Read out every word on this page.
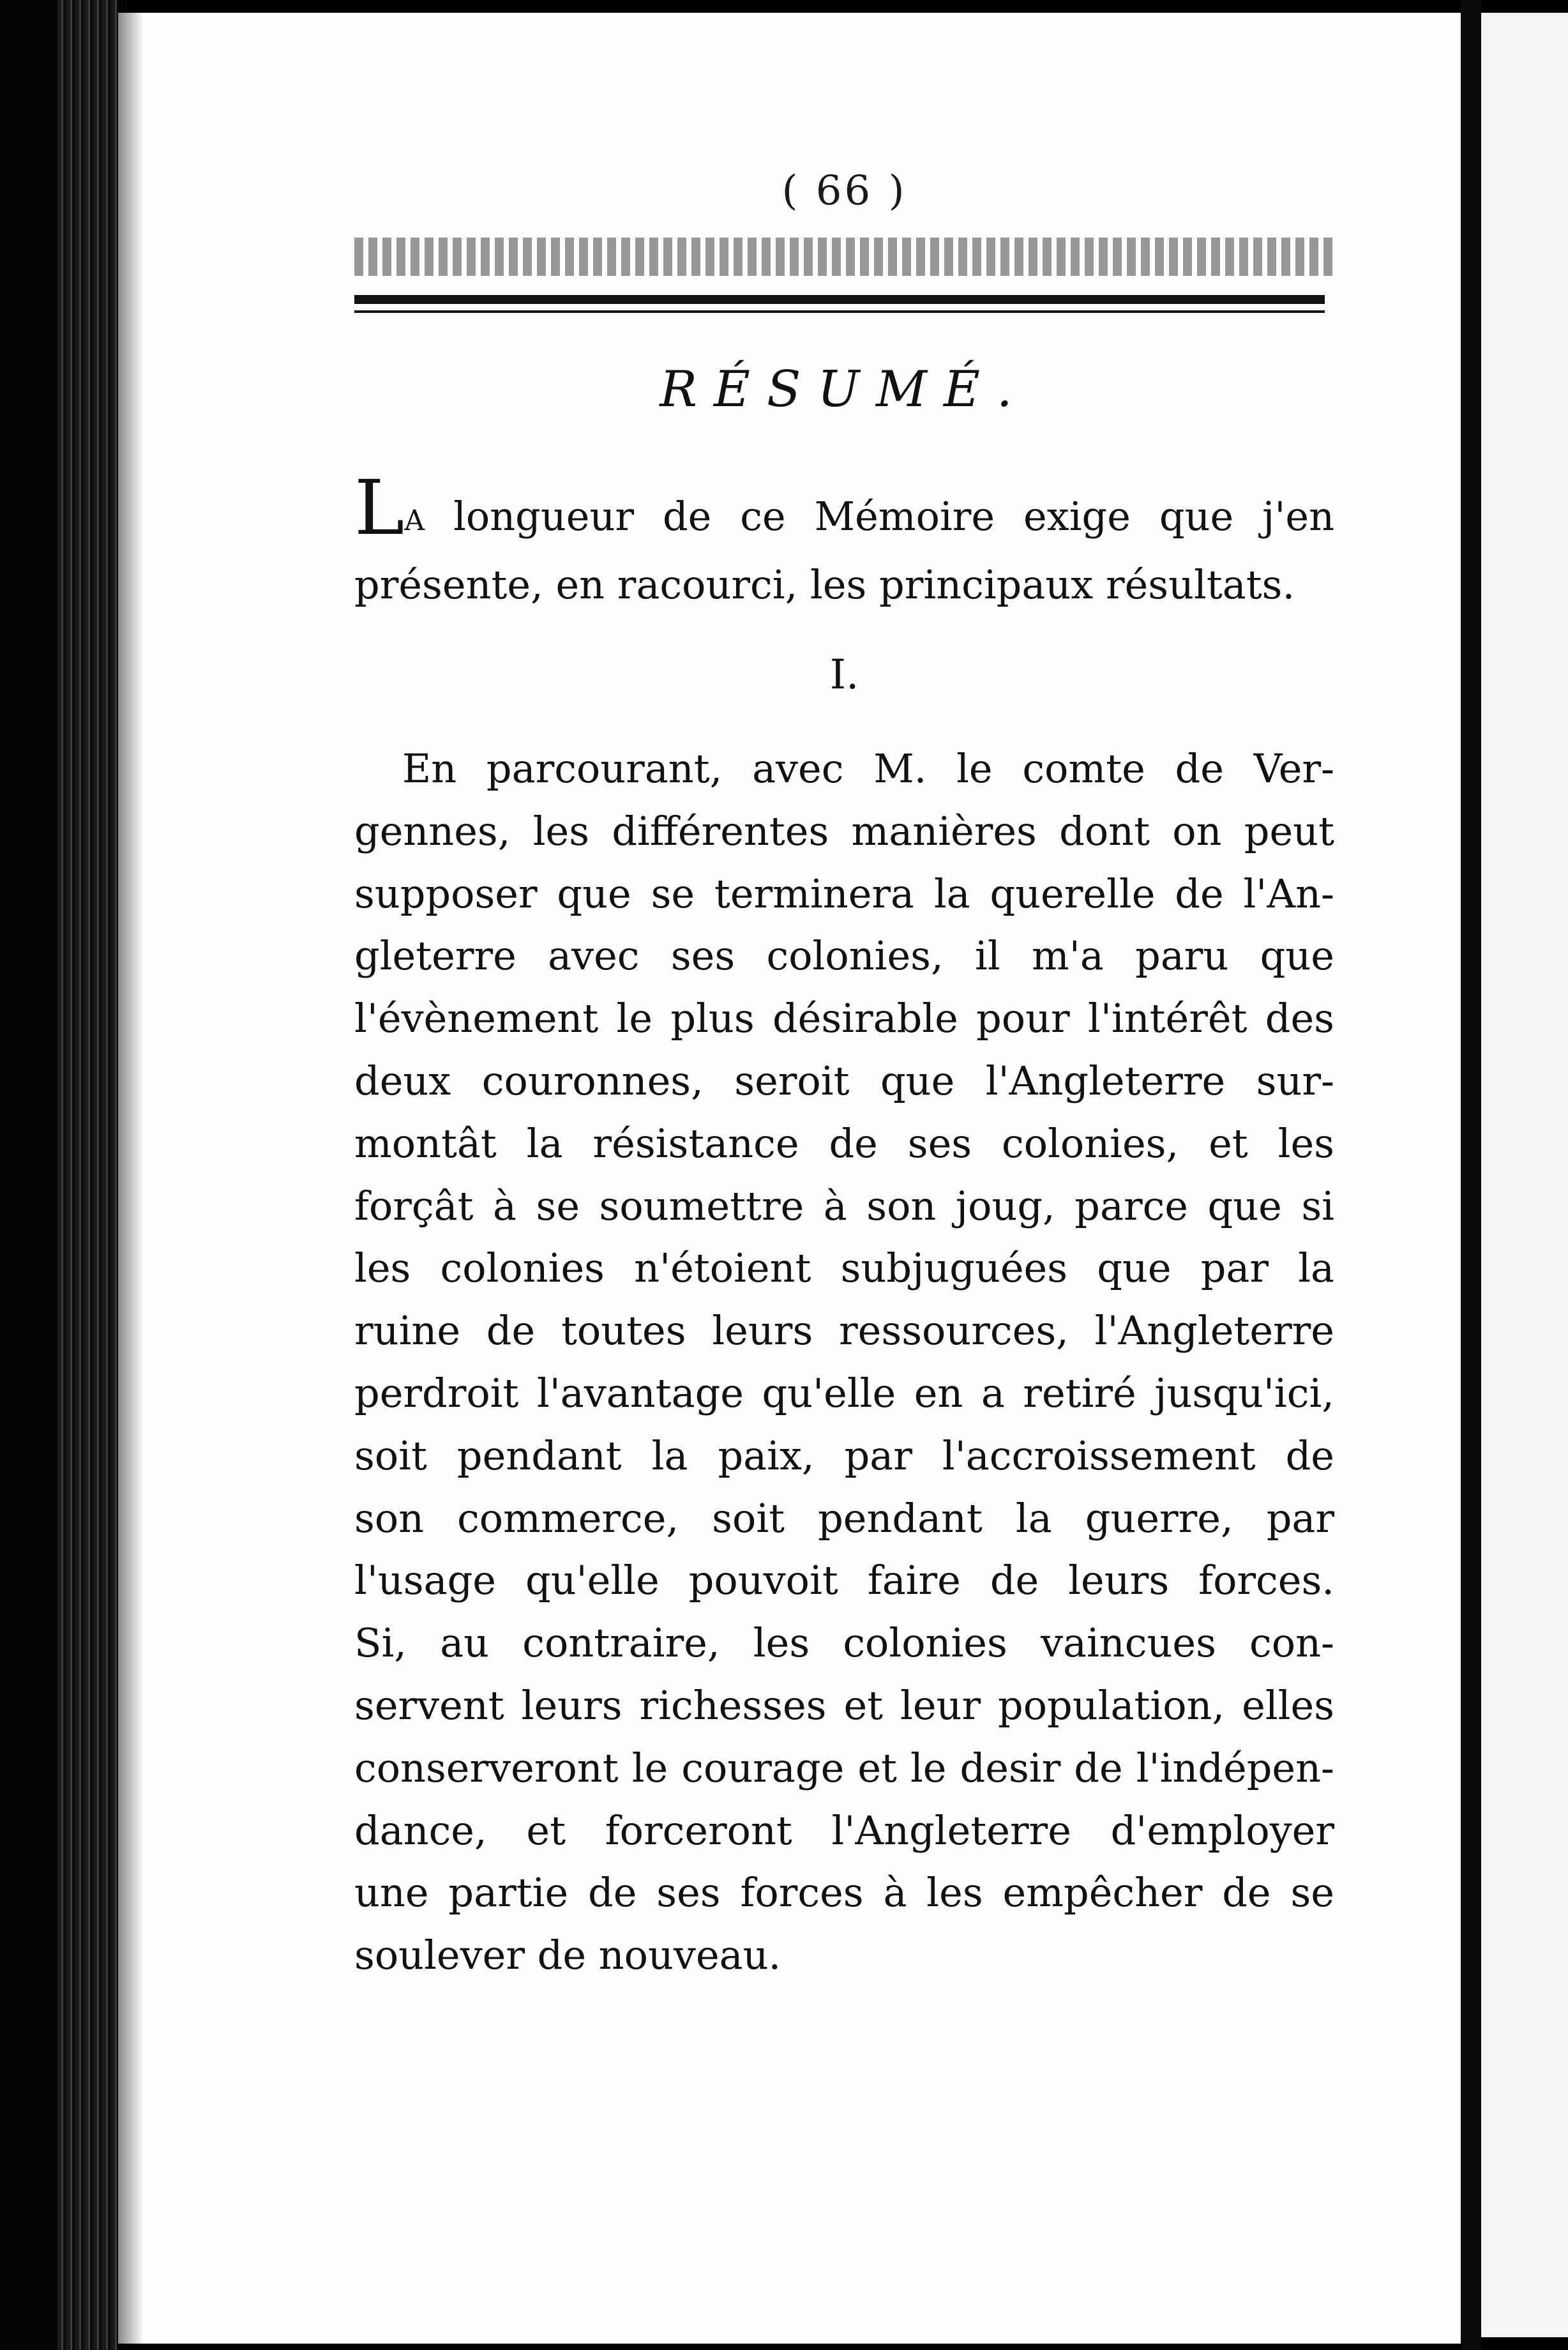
( 66 )
RÉSUMÉ.
LA longueur de ce Mémoire exige que j'en présente, en racourci, les principaux résultats.
I.
En parcourant, avec M. le comte de Ver-
gennes, les différentes manières dont on peut
supposer que se terminera la querelle de l'An-
gleterre avec ses colonies, il m'a paru que
l'évènement le plus désirable pour l'intérêt des
deux couronnes, seroit que l'Angleterre sur-
montât la résistance de ses colonies, et les
forçât à se soumettre à son joug, parce que si
les colonies n'étoient subjuguées que par la
ruine de toutes leurs ressources, l'Angleterre
perdroit l'avantage qu'elle en a retiré jusqu'ici,
soit pendant la paix, par l'accroissement de
son commerce, soit pendant la guerre, par
l'usage qu'elle pouvoit faire de leurs forces.
Si, au contraire, les colonies vaincues con-
servent leurs richesses et leur population, elles
conserveront le courage et le desir de l'indépen-
dance, et forceront l'Angleterre d'employer
une partie de ses forces à les empêcher de se
soulever de nouveau.
